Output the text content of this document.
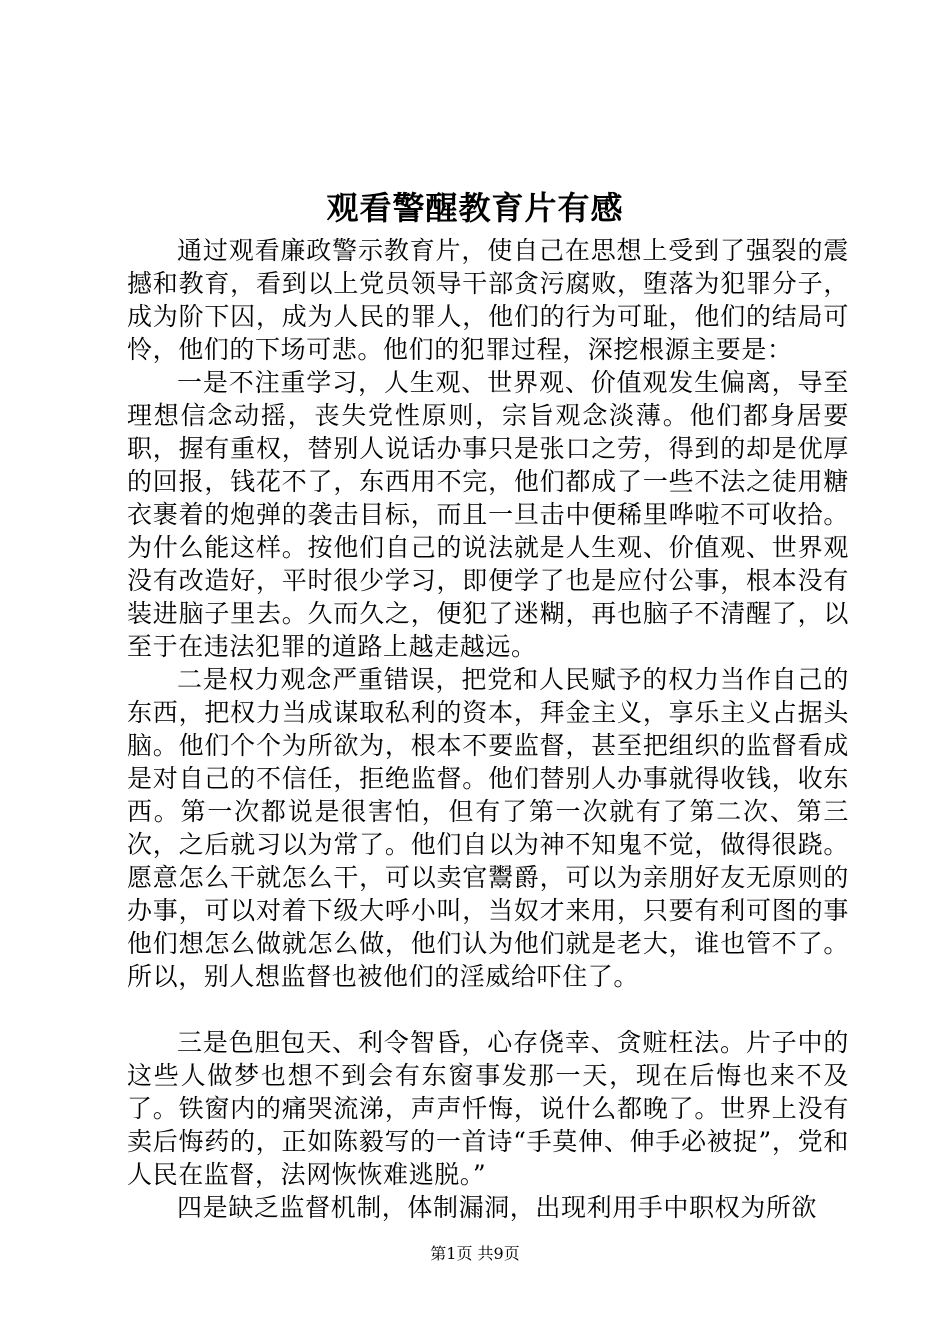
观看警醒教育片有感

通过观看廉政警示教育片，使自己在思想上受到了强裂的震撼和教育，看到以上党员领导干部贪污腐败，堕落为犯罪分子，成为阶下囚，成为人民的罪人，他们的行为可耻，他们的结局可怜，他们的下场可悲。他们的犯罪过程，深挖根源主要是：

一是不注重学习，人生观、世界观、价值观发生偏离，导至理想信念动摇，丧失党性原则，宗旨观念淡薄。他们都身居要职，握有重权，替别人说话办事只是张口之劳，得到的却是优厚的回报，钱花不了，东西用不完，他们都成了一些不法之徒用糖衣裹着的炮弹的袭击目标，而且一旦击中便稀里哗啦不可收拾。为什么能这样。按他们自己的说法就是人生观、价值观、世界观没有改造好，平时很少学习，即便学了也是应付公事，根本没有装进脑子里去。久而久之，便犯了迷糊，再也脑子不清醒了，以至于在违法犯罪的道路上越走越远。

二是权力观念严重错误，把党和人民赋予的权力当作自己的东西，把权力当成谋取私利的资本，拜金主义，享乐主义占据头脑。他们个个为所欲为，根本不要监督，甚至把组织的监督看成是对自己的不信任，拒绝监督。他们替别人办事就得收钱，收东西。第一次都说是很害怕，但有了第一次就有了第二次、第三次，之后就习以为常了。他们自以为神不知鬼不觉，做得很跷。愿意怎么干就怎么干，可以卖官鬻爵，可以为亲朋好友无原则的办事，可以对着下级大呼小叫，当奴才来用，只要有利可图的事他们想怎么做就怎么做，他们认为他们就是老大，谁也管不了。所以，别人想监督也被他们的淫威给吓住了。

三是色胆包天、利令智昏，心存侥幸、贪赃枉法。片子中的这些人做梦也想不到会有东窗事发那一天，现在后悔也来不及了。铁窗内的痛哭流涕，声声忏悔，说什么都晚了。世界上没有卖后悔药的，正如陈毅写的一首诗“手莫伸、伸手必被捉”，党和人民在监督，法网恢恢难逃脱。”

四是缺乏监督机制，体制漏洞，出现利用手中职权为所欲

第1页 共9页
